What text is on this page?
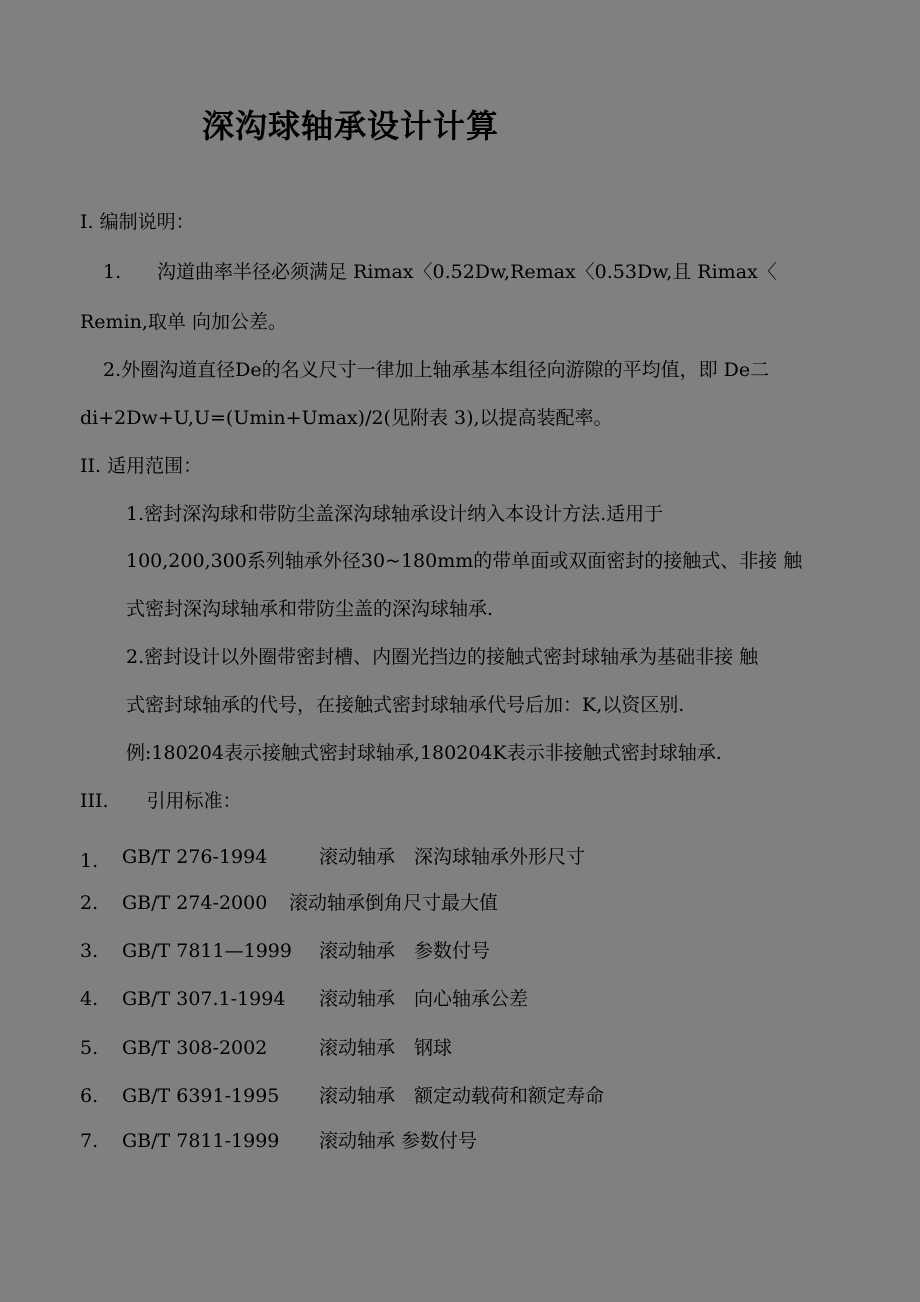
深沟球轴承设计计算
I. 编制说明：
1. 沟道曲率半径必须满足 Rimax〈0.52Dw,Remax〈0.53Dw,且 Rimax〈
Remin,取单 向加公差。
2.外圈沟道直径De的名义尺寸一律加上轴承基本组径向游隙的平均值，即 De二
di+2Dw+U,U=(Umin+Umax)/2(见附表 3),以提高装配率。
II. 适用范围：
1.密封深沟球和带防尘盖深沟球轴承设计纳入本设计方法.适用于
100,200,300系列轴承外径30~180mm的带单面或双面密封的接触式、非接 触
式密封深沟球轴承和带防尘盖的深沟球轴承.
2.密封设计以外圈带密封槽、内圈光挡边的接触式密封球轴承为基础非接 触
式密封球轴承的代号，在接触式密封球轴承代号后加：K,以资区别.
例:180204表示接触式密封球轴承,180204K表示非接触式密封球轴承.
III.　　引用标准：
1. GB/T 276-1994	滚动轴承　深沟球轴承外形尺寸
2. GB/T 274-2000 滚动轴承倒角尺寸最大值
3. GB/T 7811—1999 滚动轴承　参数付号
4. GB/T 307.1-1994 滚动轴承　向心轴承公差
5. GB/T 308-2002	滚动轴承　钢球
6. GB/T 6391-1995 滚动轴承　额定动载荷和额定寿命
7. GB/T 7811-1999 滚动轴承 参数付号
